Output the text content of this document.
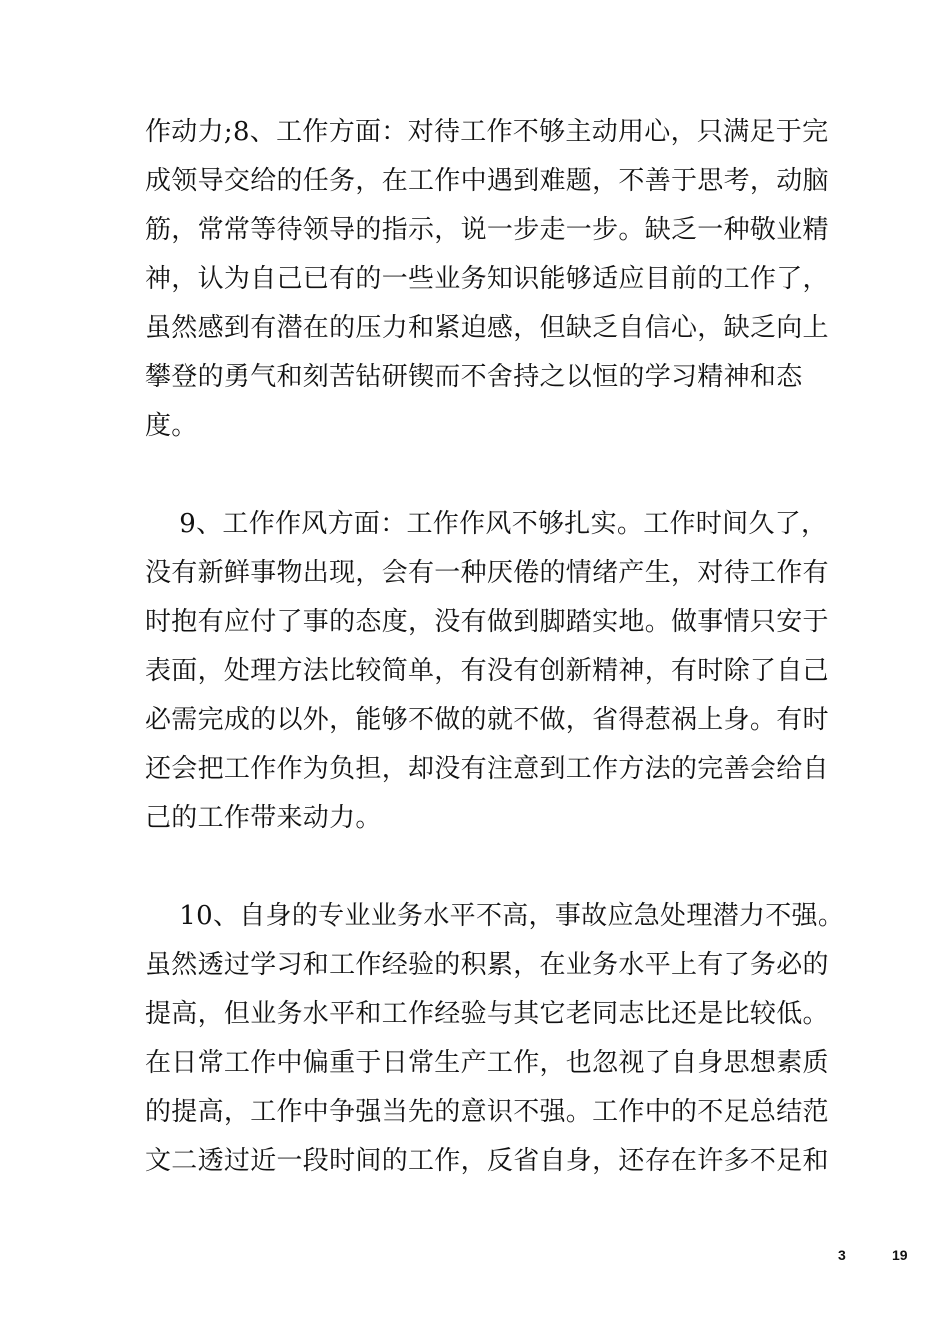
作动力;8、工作方面：对待工作不够主动用心，只满足于完
成领导交给的任务，在工作中遇到难题，不善于思考，动脑
筋，常常等待领导的指示，说一步走一步。缺乏一种敬业精
神，认为自己已有的一些业务知识能够适应目前的工作了，
虽然感到有潜在的压力和紧迫感，但缺乏自信心，缺乏向上
攀登的勇气和刻苦钻研锲而不舍持之以恒的学习精神和态
度。
9、工作作风方面：工作作风不够扎实。工作时间久了，
没有新鲜事物出现，会有一种厌倦的情绪产生，对待工作有
时抱有应付了事的态度，没有做到脚踏实地。做事情只安于
表面，处理方法比较简单，有没有创新精神，有时除了自己
必需完成的以外，能够不做的就不做，省得惹祸上身。有时
还会把工作作为负担，却没有注意到工作方法的完善会给自
己的工作带来动力。
10、自身的专业业务水平不高，事故应急处理潜力不强。
虽然透过学习和工作经验的积累，在业务水平上有了务必的
提高，但业务水平和工作经验与其它老同志比还是比较低。
在日常工作中偏重于日常生产工作，也忽视了自身思想素质
的提高，工作中争强当先的意识不强。工作中的不足总结范
文二透过近一段时间的工作，反省自身，还存在许多不足和
3	19
